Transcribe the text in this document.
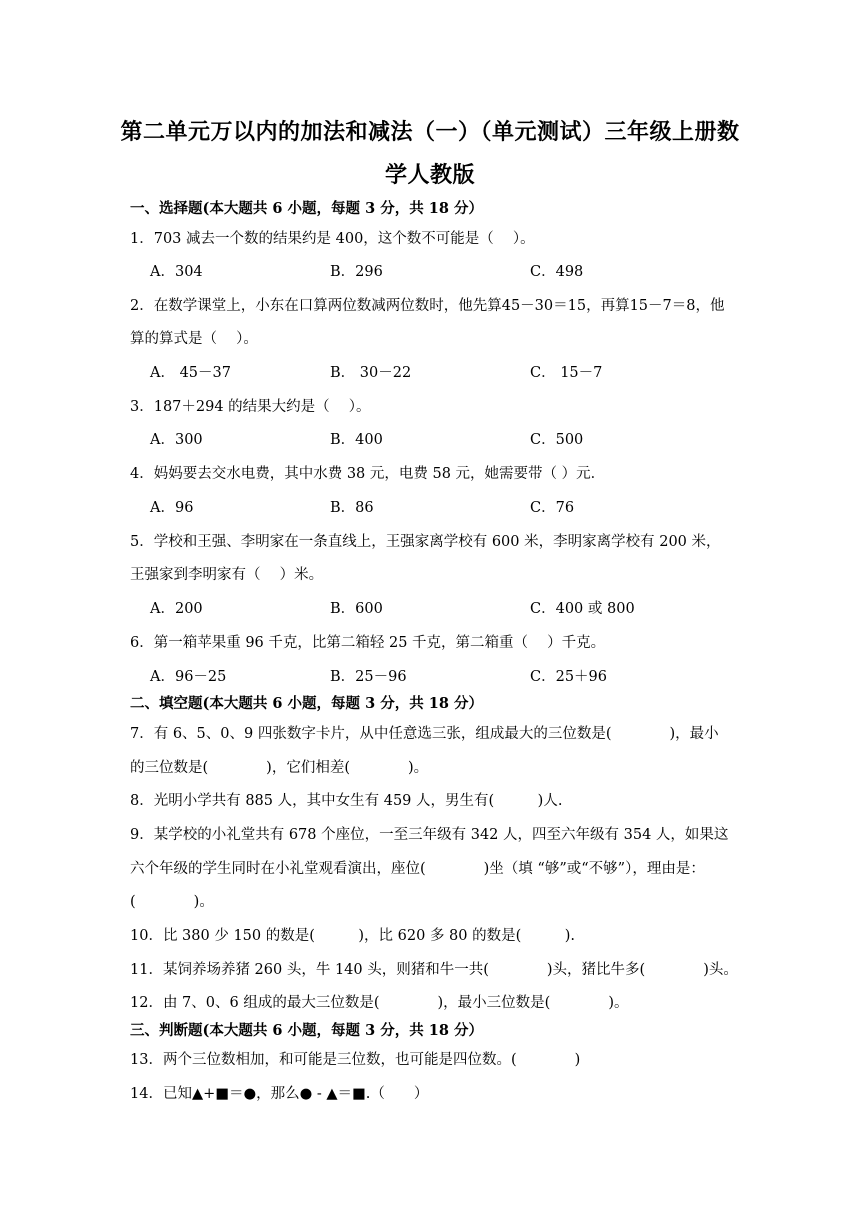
第二单元万以内的加法和减法（一）（单元测试）三年级上册数
学人教版
一、选择题(本大题共 6 小题，每题 3 分，共 18 分）
1．703 减去一个数的结果约是 400，这个数不可能是（　 ）。
A．304	B．296	C．498
2．在数学课堂上，小东在口算两位数减两位数时，他先算45－30＝15，再算15－7＝8，他
算的算式是（　 ）。
A． 45－37	B． 30－22	C． 15－7
3．187＋294 的结果大约是（　 ）。
A．300	B．400	C．500
4．妈妈要去交水电费，其中水费 38 元，电费 58 元，她需要带（ ）元．
A．96	B．86	C．76
5．学校和王强、李明家在一条直线上，王强家离学校有 600 米，李明家离学校有 200 米，
王强家到李明家有（　 ）米。
A．200	B．600	C．400 或 800
6．第一箱苹果重 96 千克，比第二箱轻 25 千克，第二箱重（　 ）千克。
A．96－25	B．25－96	C．25＋96
二、填空题(本大题共 6 小题，每题 3 分，共 18 分）
7．有 6、5、0、9 四张数字卡片，从中任意选三张，组成最大的三位数是(　　　　)，最小
的三位数是(　　　　)，它们相差(　　　　)。
8．光明小学共有 885 人，其中女生有 459 人，男生有(　　　)人.
9．某学校的小礼堂共有 678 个座位，一至三年级有 342 人，四至六年级有 354 人，如果这
六个年级的学生同时在小礼堂观看演出，座位(　　　　)坐（填 “够”或“不够”），理由是：
(　　　　)。
10．比 380 少 150 的数是(　　　)，比 620 多 80 的数是(　　　).
11．某饲养场养猪 260 头，牛 140 头，则猪和牛一共(　　　　)头，猪比牛多(　　　　)头。
12．由 7、0、6 组成的最大三位数是(　　　　)，最小三位数是(　　　　)。
三、判断题(本大题共 6 小题，每题 3 分，共 18 分）
13．两个三位数相加，和可能是三位数，也可能是四位数。(　　　　)
14．已知▲+■＝●，那么● - ▲＝■.（　　）
